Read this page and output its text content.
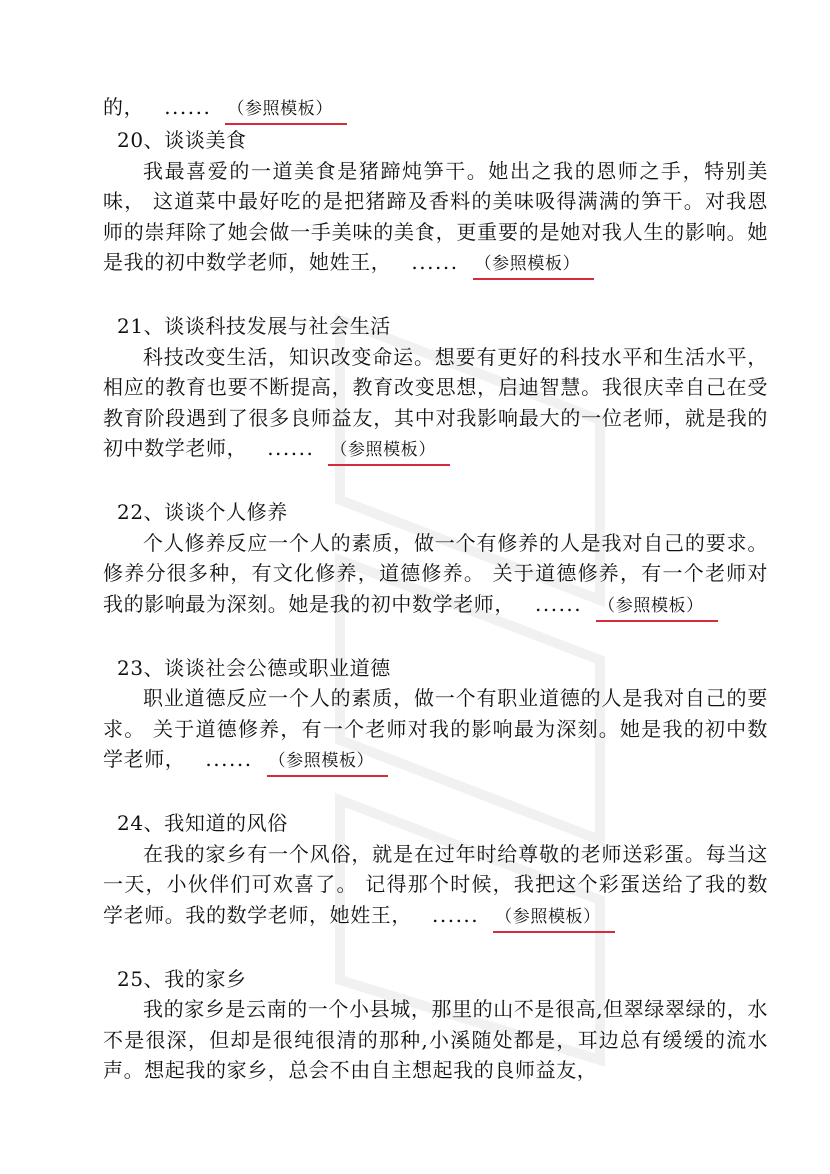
的， ...... （参照模板）

20、谈谈美食

我最喜爱的一道美食是猪蹄炖笋干。她出之我的恩师之手，特别美味， 这道菜中最好吃的是把猪蹄及香料的美味吸得满满的笋干。对我恩师的崇拜除了她会做一手美味的美食，更重要的是她对我人生的影响。她是我的初中数学老师，她姓王， ...... （参照模板）

21、谈谈科技发展与社会生活

科技改变生活，知识改变命运。想要有更好的科技水平和生活水平，相应的教育也要不断提高，教育改变思想，启迪智慧。我很庆幸自己在受教育阶段遇到了很多良师益友，其中对我影响最大的一位老师，就是我的初中数学老师， ...... （参照模板）

22、谈谈个人修养

个人修养反应一个人的素质，做一个有修养的人是我对自己的要求。修养分很多种，有文化修养，道德修养。 关于道德修养，有一个老师对我的影响最为深刻。她是我的初中数学老师， ...... （参照模板）

23、谈谈社会公德或职业道德

职业道德反应一个人的素质，做一个有职业道德的人是我对自己的要求。 关于道德修养，有一个老师对我的影响最为深刻。她是我的初中数学老师， ...... （参照模板）

24、我知道的风俗

在我的家乡有一个风俗，就是在过年时给尊敬的老师送彩蛋。每当这一天，小伙伴们可欢喜了。 记得那个时候，我把这个彩蛋送给了我的数学老师。我的数学老师，她姓王， ...... （参照模板）

25、我的家乡

我的家乡是云南的一个小县城，那里的山不是很高,但翠绿翠绿的，水不是很深，但却是很纯很清的那种,小溪随处都是，耳边总有缓缓的流水声。想起我的家乡，总会不由自主想起我的良师益友，
